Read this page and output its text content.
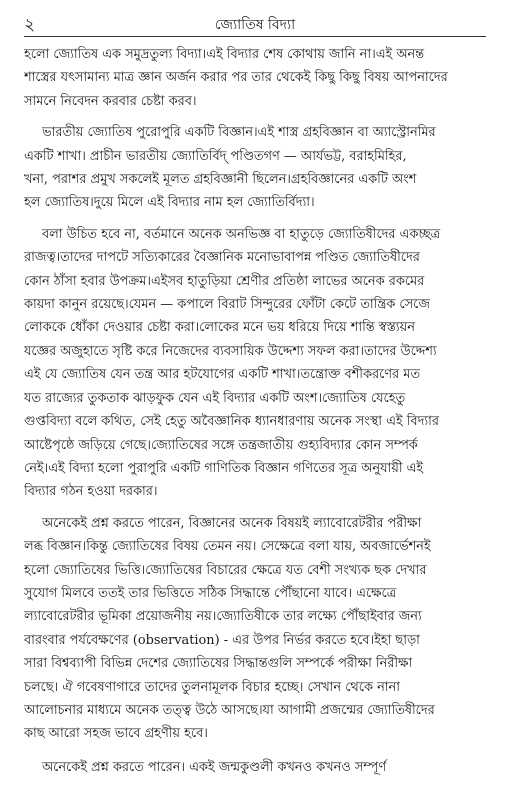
২	জ্যোতিষ বিদ্যা

হলো জ্যোতিষ এক সমুদ্রতুল্য বিদ্যা।এই বিদ্যার শেষ কোথায় জানি না।এই অনন্ত
শাস্ত্রের যৎসামান্য মাত্র জ্ঞান অর্জন করার পর তার থেকেই কিছু কিছু বিষয় আপনাদের
সামনে নিবেদন করবার চেষ্টা করব।

ভারতীয় জ্যোতিষ পুরোপুরি একটি বিজ্ঞান।এই শাস্ত্র গ্রহবিজ্ঞান বা অ্যাস্ট্রোনমির
একটি শাখা। প্রাচীন ভারতীয় জ্যোতির্বিদ্ পণ্ডিতগণ — আর্যভট্ট, বরাহমিহির,
খনা, পরাশর প্রমুখ সকলেই মূলত গ্রহবিজ্ঞানী ছিলেন।গ্রহবিজ্ঞানের একটি অংশ
হল জ্যোতিষ।দুয়ে মিলে এই বিদ্যার নাম হল জ্যোতির্বিদ্যা।

বলা উচিত হবে না, বর্তমানে অনেক অনভিজ্ঞ বা হাতুড়ে জ্যোতিষীদের একচ্ছত্র
রাজত্ব।তাদের দাপটে সত্যিকারের বৈজ্ঞানিক মনোভাবাপন্ন পণ্ডিত জ্যোতিষীদের
কোন ঠাঁসা হবার উপক্রম।এইসব হাতুড়িয়া শ্রেণীর প্রতিষ্ঠা লাভের অনেক রকমের
কায়দা কানুন রয়েছে।যেমন — কপালে বিরাট সিন্দুরের ফোঁটা কেটে তান্ত্রিক সেজে
লোককে ধোঁকা দেওয়ার চেষ্টা করা।লোকের মনে ভয় ধরিয়ে দিয়ে শান্তি স্বস্ত্যয়ন
যজ্ঞের অজুহাতে সৃষ্টি করে নিজেদের ব্যবসায়িক উদ্দেশ্য সফল করা।তাদের উদ্দেশ্য
এই যে জ্যোতিষ যেন তন্ত্র আর হটযোগের একটি শাখা।তন্ত্রোক্ত বশীকরণের মত
যত রাজ্যের তুকতাক ঝাড়ফুক যেন এই বিদ্যার একটি অংশ।জ্যোতিষ যেহেতু
গুপ্তবিদ্যা বলে কথিত, সেই হেতু অবৈজ্ঞানিক ধ্যানধারণায় অনেক সংস্থা এই বিদ্যার
আষ্টেপৃষ্ঠে জড়িয়ে গেছে।জ্যোতিষের সঙ্গে তন্ত্রজাতীয় গুহ্যবিদ্যার কোন সম্পর্ক
নেই।এই বিদ্যা হলো পুরাপুরি একটি গাণিতিক বিজ্ঞান গণিতের সূত্র অনুযায়ী এই
বিদ্যার গঠন হওয়া দরকার।

অনেকেই প্রশ্ন করতে পারেন, বিজ্ঞানের অনেক বিষয়ই ল্যাবোরেটরীর পরীক্ষা
লব্ধ বিজ্ঞান।কিন্তু জ্যোতিষের বিষয় তেমন নয়। সেক্ষেত্রে বলা যায়, অবজার্ভেশনই
হলো জ্যোতিষের ভিত্তি।জ্যোতিষের বিচারের ক্ষেত্রে যত বেশী সংখ্যক ছক দেখার
সুযোগ মিলবে ততই তার ভিত্তিতে সঠিক সিদ্ধান্তে পৌঁছানো যাবে। এক্ষেত্রে
ল্যাবোরেটরীর ভূমিকা প্রয়োজনীয় নয়।জ্যোতিষীকে তার লক্ষ্যে পৌঁছাইবার জন্য
বারংবার পর্যবেক্ষণের (observation) - এর উপর নির্ভর করতে হবে।ইহা ছাড়া
সারা বিশ্বব্যাপী বিভিন্ন দেশের জ্যোতিষের সিদ্ধান্তগুলি সম্পর্কে পরীক্ষা নিরীক্ষা
চলছে। ঐ গবেষণাগারে তাদের তুলনামূলক বিচার হচ্ছে। সেখান থেকে নানা
আলোচনার মাধ্যমে অনেক তত্ত্ব উঠে আসছে।যা আগামী প্রজন্মের জ্যোতিষীদের
কাছ আরো সহজ ভাবে গ্রহণীয় হবে।

অনেকেই প্রশ্ন করতে পারেন। একই জন্মকুণ্ডলী কখনও কখনও সম্পূর্ণ
